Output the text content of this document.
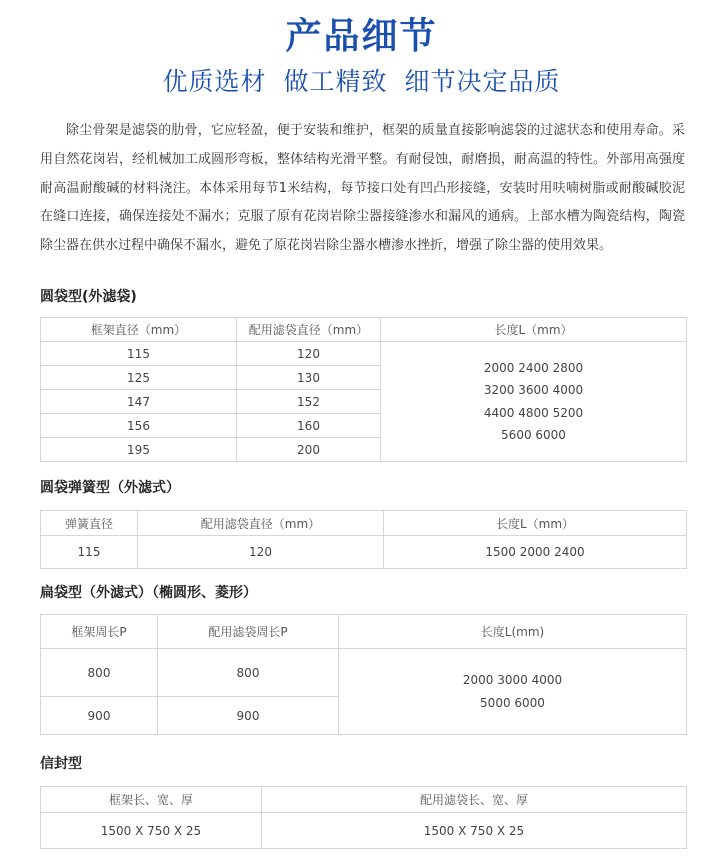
产品细节
优质选材 做工精致 细节决定品质

除尘骨架是滤袋的肋骨，它应轻盈，便于安装和维护，框架的质量直接影响滤袋的过滤状态和使用寿命。采用自然花岗岩，经机械加工成圆形弯板，整体结构光滑平整。有耐侵蚀，耐磨损，耐高温的特性。外部用高强度耐高温耐酸碱的材料浇注。本体采用每节1米结构，每节接口处有凹凸形接缝，安装时用呋喃树脂或耐酸碱胶泥在缝口连接，确保连接处不漏水；克服了原有花岗岩除尘器接缝渗水和漏风的通病。上部水槽为陶瓷结构，陶瓷除尘器在供水过程中确保不漏水，避免了原花岗岩除尘器水槽渗水挫折，增强了除尘器的使用效果。

圆袋型(外滤袋)
框架直径（mm）	配用滤袋直径（mm）	长度L（mm）
115	120	2000 2400 2800
3200 3600 4000
4400 4800 5200
5600 6000

125	130	
147	152	
156	160	
195	200	
圆袋弹簧型（外滤式）
弹簧直径	配用滤袋直径（mm）	长度L（mm）
115	120	1500 2000 2400
扁袋型（外滤式）（椭圆形、菱形）
框架周长P	配用滤袋周长P	长度L(mm)
800	800	2000 3000 4000
5000 6000

900	900	
信封型
框架长、宽、厚	配用滤袋长、宽、厚
1500 X 750 X 25	1500 X 750 X 25
